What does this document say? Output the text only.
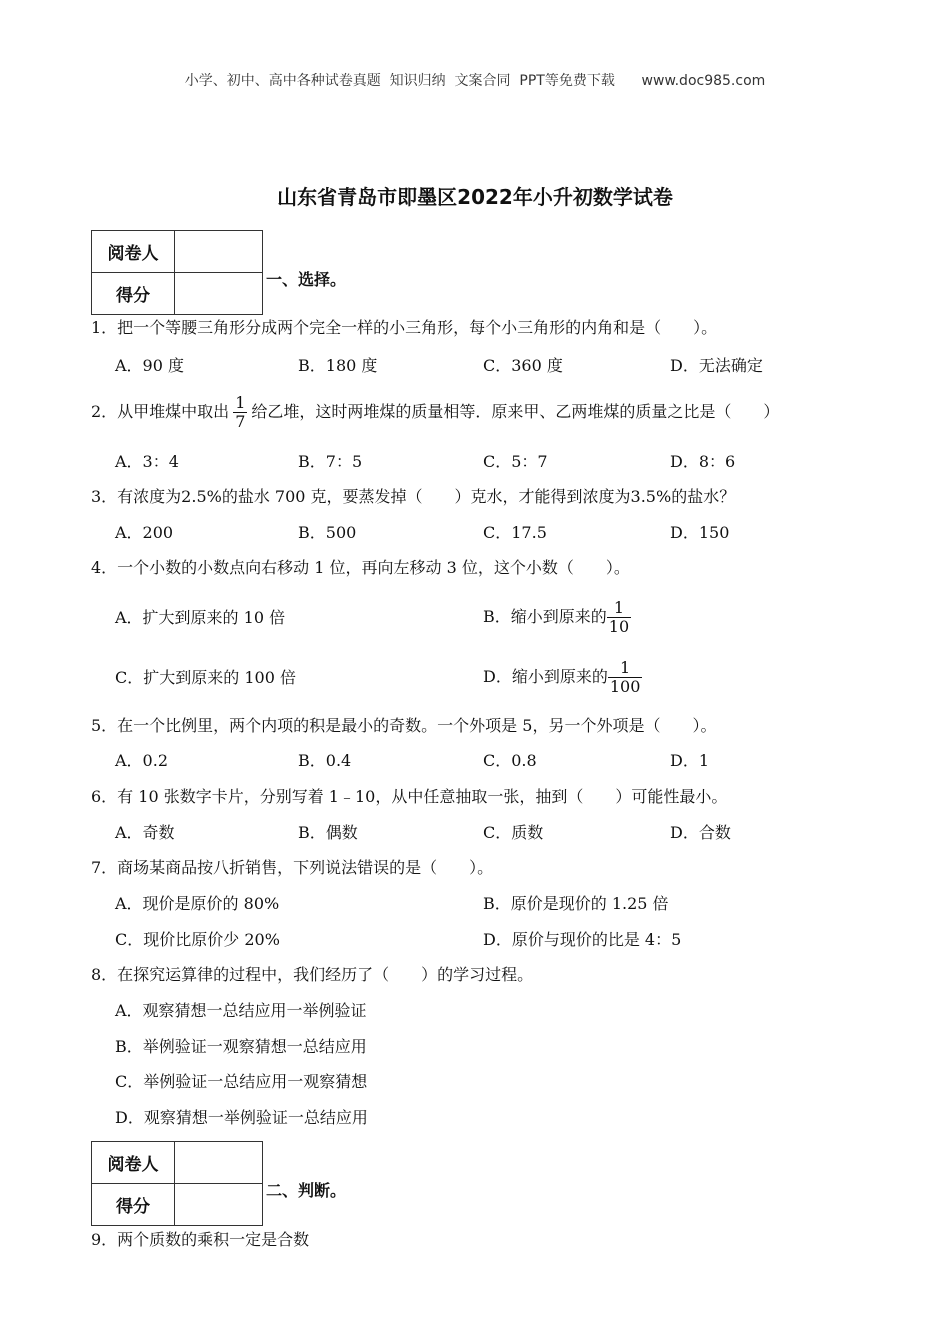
小学、初中、高中各种试卷真题  知识归纳  文案合同  PPT等免费下载      www.doc985.com
山东省青岛市即墨区2022年小升初数学试卷
阅卷人	
得分	
一、选择。
1．把一个等腰三角形分成两个完全一样的小三角形，每个小三角形的内角和是（　　）。
A．90 度	B．180 度	C．360 度	D．无法确定
2．从甲堆煤中取出 $\frac{1}{7}$ 给乙堆，这时两堆煤的质量相等．原来甲、乙两堆煤的质量之比是（　　）
A．3：4	B．7：5	C．5：7	D．8：6
3．有浓度为2.5%的盐水 700 克，要蒸发掉（　　）克水，才能得到浓度为3.5%的盐水？
A．200	B．500	C．17.5	D．150
4．一个小数的小数点向右移动 1 位，再向左移动 3 位，这个小数（　　）。
A．扩大到原来的 10 倍	B．缩小到原来的 $\frac{1}{10}$
C．扩大到原来的 100 倍	D．缩小到原来的 $\frac{1}{100}$
5．在一个比例里，两个内项的积是最小的奇数。一个外项是 5，另一个外项是（　　）。
A．0.2	B．0.4	C．0.8	D．1
6．有 10 张数字卡片，分别写着 1﹣10，从中任意抽取一张，抽到（　　）可能性最小。
A．奇数	B．偶数	C．质数	D．合数
7．商场某商品按八折销售，下列说法错误的是（　　）。
A．现价是原价的 80%	B．原价是现价的 1.25 倍
C．现价比原价少 20%	D．原价与现价的比是 4：5
8．在探究运算律的过程中，我们经历了（　　）的学习过程。
A．观察猜想一总结应用一举例验证
B．举例验证一观察猜想一总结应用
C．举例验证一总结应用一观察猜想
D．观察猜想一举例验证一总结应用
阅卷人	
得分	
二、判断。
9．两个质数的乘积一定是合数
